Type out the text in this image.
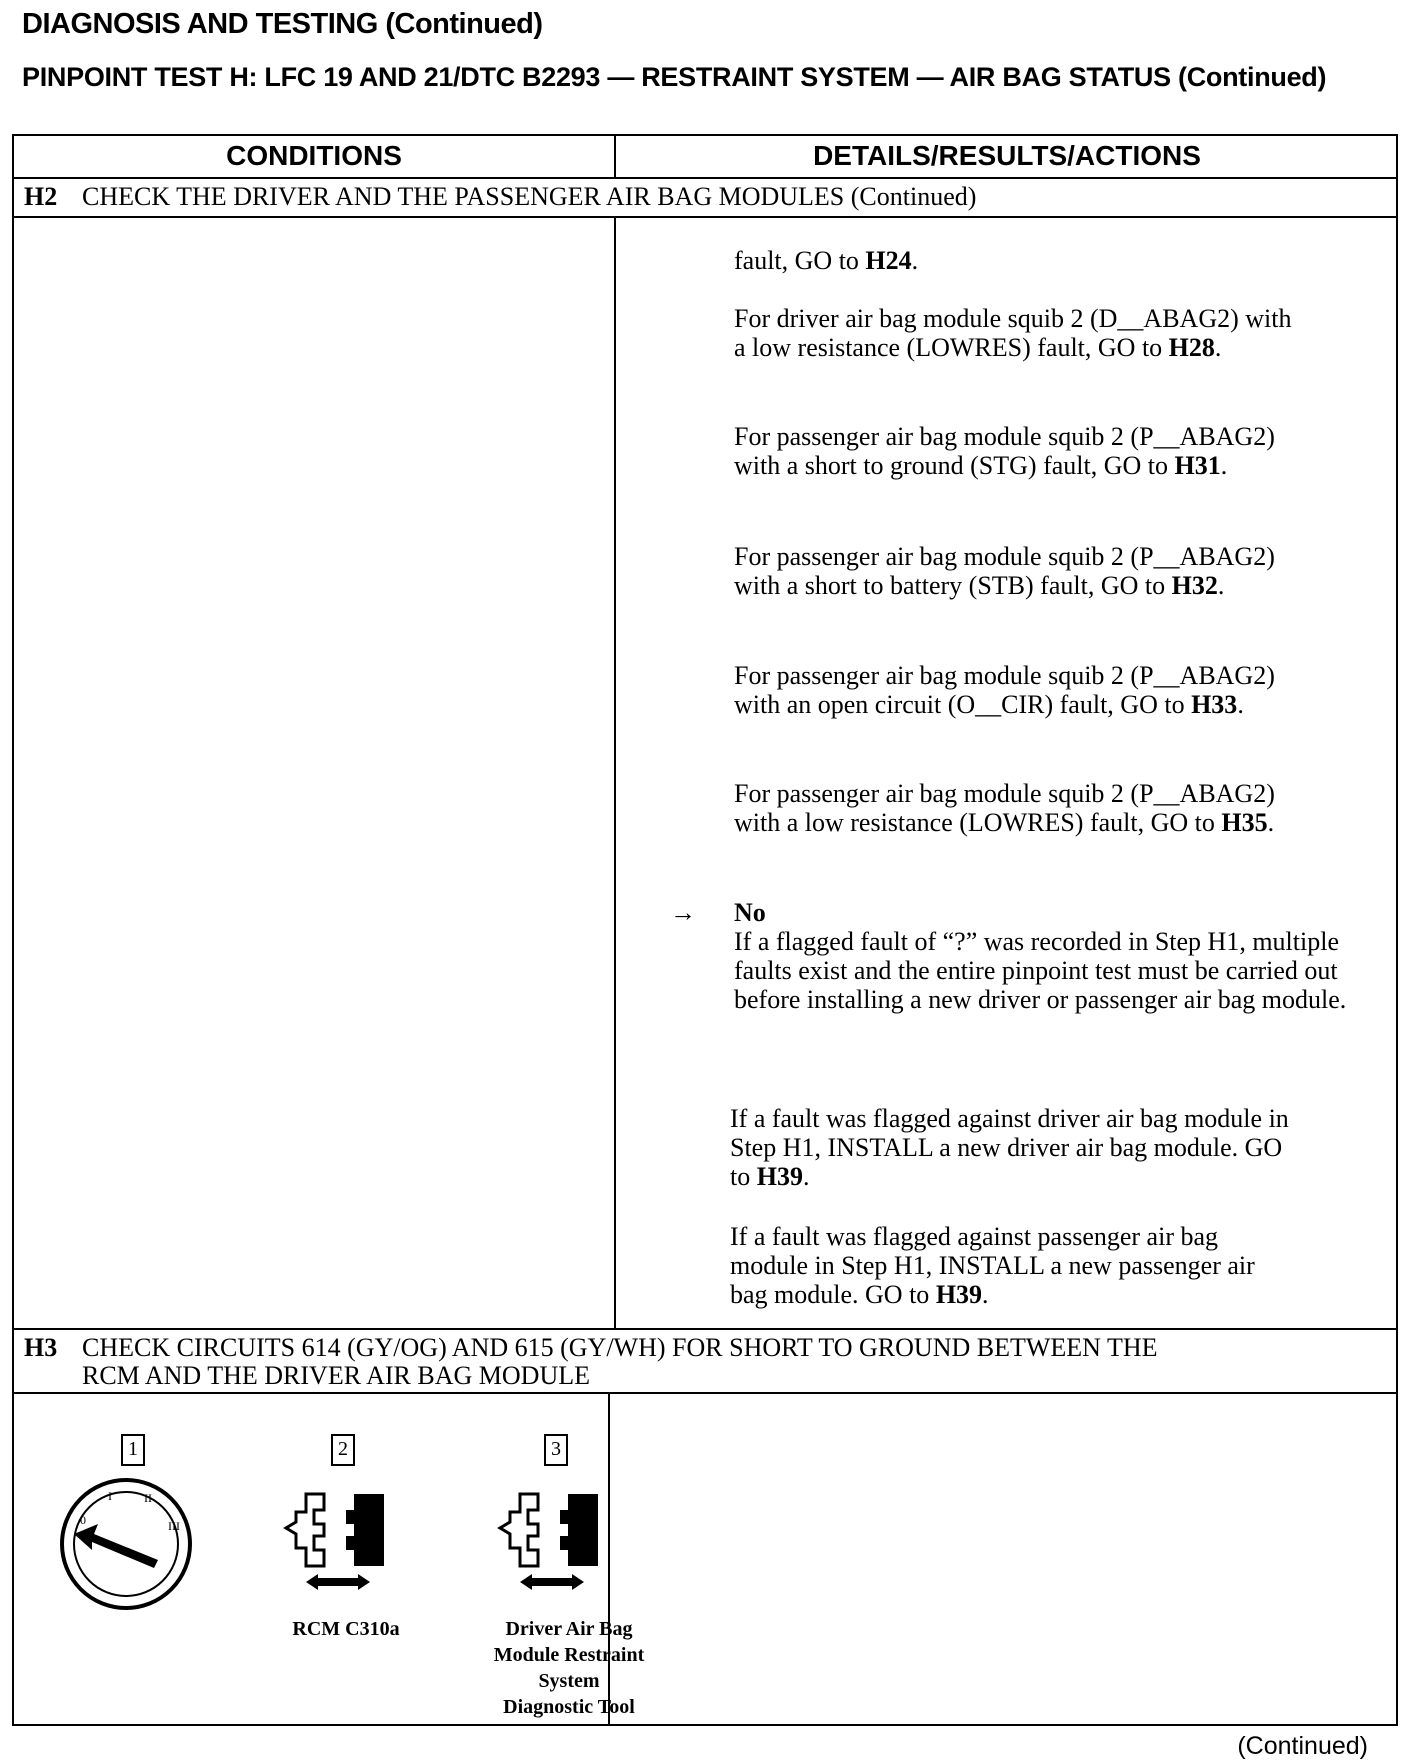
DIAGNOSIS AND TESTING (Continued)
PINPOINT TEST H: LFC 19 AND 21/DTC B2293 — RESTRAINT SYSTEM — AIR BAG STATUS (Continued)
CONDITIONS	DETAILS/RESULTS/ACTIONS
H2 CHECK THE DRIVER AND THE PASSENGER AIR BAG MODULES (Continued)
fault, GO to H24.
For driver air bag module squib 2 (D__ABAG2) with a low resistance (LOWRES) fault, GO to H28.
For passenger air bag module squib 2 (P__ABAG2) with a short to ground (STG) fault, GO to H31.
For passenger air bag module squib 2 (P__ABAG2) with a short to battery (STB) fault, GO to H32.
For passenger air bag module squib 2 (P__ABAG2) with an open circuit (O__CIR) fault, GO to H33.
For passenger air bag module squib 2 (P__ABAG2) with a low resistance (LOWRES) fault, GO to H35.
→ No
If a flagged fault of “?” was recorded in Step H1, multiple faults exist and the entire pinpoint test must be carried out before installing a new driver or passenger air bag module.
If a fault was flagged against driver air bag module in Step H1, INSTALL a new driver air bag module. GO to H39.
If a fault was flagged against passenger air bag module in Step H1, INSTALL a new passenger air bag module. GO to H39.
H3 CHECK CIRCUITS 614 (GY/OG) AND 615 (GY/WH) FOR SHORT TO GROUND BETWEEN THE
RCM AND THE DRIVER AIR BAG MODULE
1	2	3
0
I	II
III
RCM C310a	Driver Air Bag
Module Restraint
System
Diagnostic Tool
(Continued)
